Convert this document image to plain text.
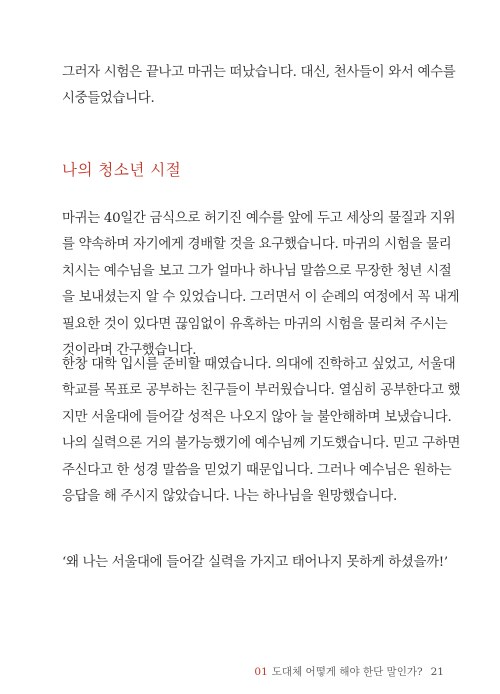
그러자 시험은 끝나고 마귀는 떠났습니다. 대신, 천사들이 와서 예수를
시중들었습니다.
나의 청소년 시절
마귀는 40일간 금식으로 허기진 예수를 앞에 두고 세상의 물질과 지위
를 약속하며 자기에게 경배할 것을 요구했습니다. 마귀의 시험을 물리
치시는 예수님을 보고 그가 얼마나 하나님 말씀으로 무장한 청년 시절
을 보내셨는지 알 수 있었습니다. 그러면서 이 순례의 여정에서 꼭 내게
필요한 것이 있다면 끊임없이 유혹하는 마귀의 시험을 물리쳐 주시는
것이라며 간구했습니다.
한창 대학 입시를 준비할 때였습니다. 의대에 진학하고 싶었고, 서울대
학교를 목표로 공부하는 친구들이 부러웠습니다. 열심히 공부한다고 했
지만 서울대에 들어갈 성적은 나오지 않아 늘 불안해하며 보냈습니다.
나의 실력으론 거의 불가능했기에 예수님께 기도했습니다. 믿고 구하면
주신다고 한 성경 말씀을 믿었기 때문입니다. 그러나 예수님은 원하는
응답을 해 주시지 않았습니다. 나는 하나님을 원망했습니다.
‘왜 나는 서울대에 들어갈 실력을 가지고 태어나지 못하게 하셨을까!’
01 도대체 어떻게 해야 한단 말인가? 21
